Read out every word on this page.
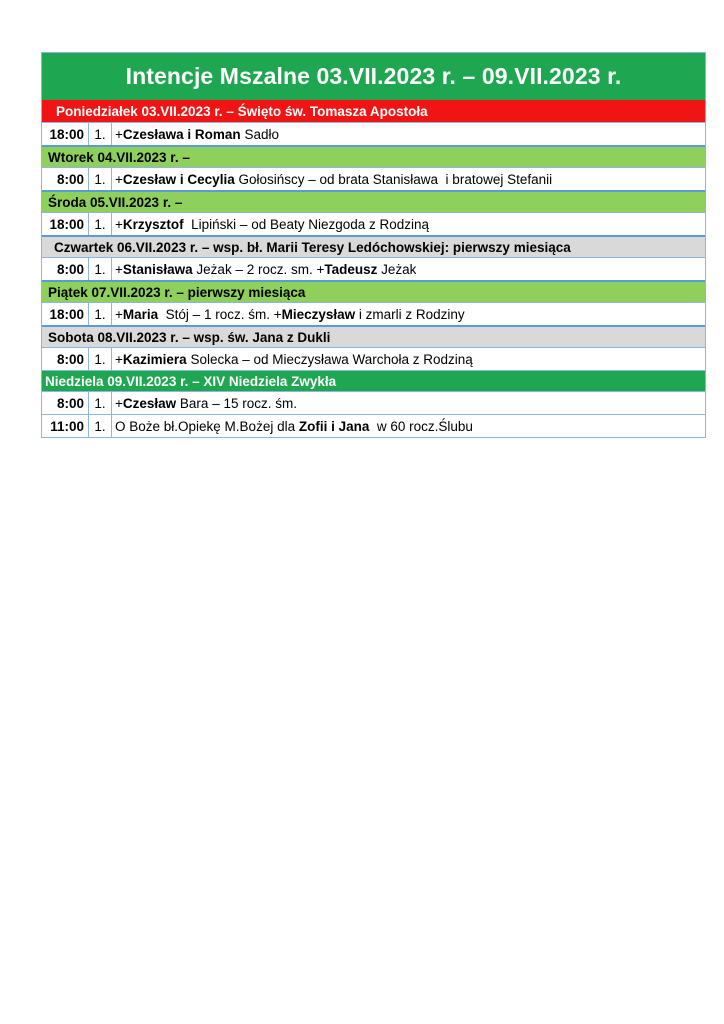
Intencje Mszalne 03.VII.2023 r. – 09.VII.2023 r.
Poniedziałek 03.VII.2023 r. – Święto św. Tomasza Apostoła
18:00 1. + Czesława i Roman Sadło
Wtorek 04.VII.2023 r. –
8:00 1. + Czesław i Cecylia Gołosińscy – od brata Stanisława  i bratowej Stefanii
Środa 05.VII.2023 r. –
18:00 1. + Krzysztof Lipiński – od Beaty Niezgoda z Rodziną
Czwartek 06.VII.2023 r. – wsp. bł. Marii Teresy Ledóchowskiej: pierwszy miesiąca
8:00 1. + Stanisława Jeżak – 2 rocz. sm. + Tadeusz Jeżak
Piątek 07.VII.2023 r. – pierwszy miesiąca
18:00 1. + Maria Stój – 1 rocz. śm. + Mieczysław i zmarli z Rodziny
Sobota 08.VII.2023 r. – wsp. św. Jana z Dukli
8:00 1. + Kazimiera Solecka – od Mieczysława Warchoła z Rodziną
Niedziela 09.VII.2023 r. – XIV Niedziela Zwykła
8:00 1. + Czesław Bara – 15 rocz. śm.
11:00 1. O Boże bł.Opiekę M.Bożej dla Zofii i Jana w 60 rocz.Ślubu
